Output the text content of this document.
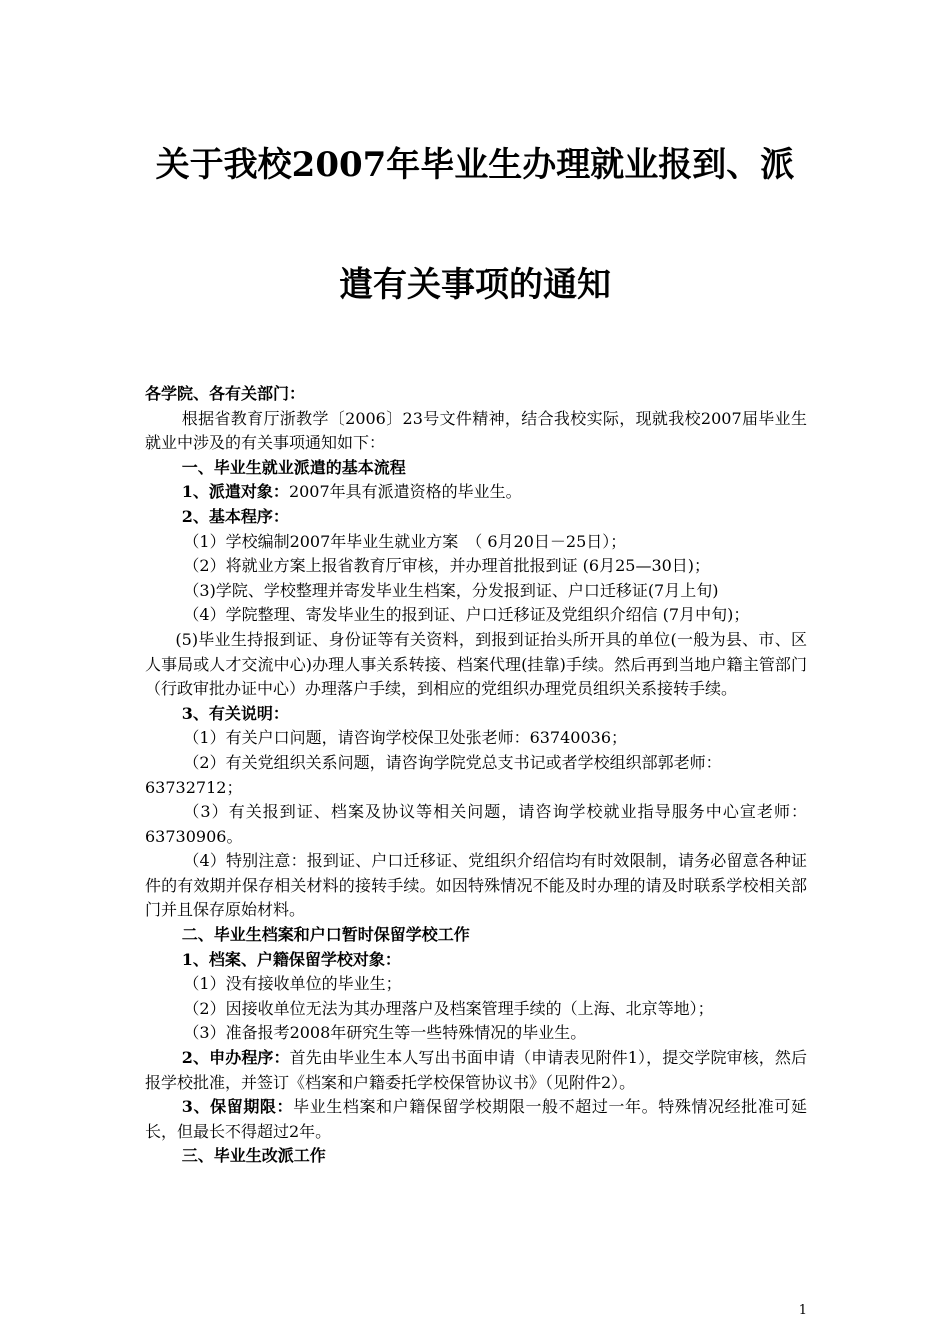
关于我校2007年毕业生办理就业报到、派
遣有关事项的通知

各学院、各有关部门：

根据省教育厅浙教学〔2006〕23号文件精神，结合我校实际，现就我校2007届毕业生就业中涉及的有关事项通知如下：

一、毕业生就业派遣的基本流程

1、派遣对象：2007年具有派遣资格的毕业生。

2、基本程序：

（1）学校编制2007年毕业生就业方案　（ 6月20日－25日）；

（2）将就业方案上报省教育厅审核，并办理首批报到证 (6月25—30日)；

（3)学院、学校整理并寄发毕业生档案，分发报到证、户口迁移证(7月上旬)

（4）学院整理、寄发毕业生的报到证、户口迁移证及党组织介绍信 (7月中旬)；

(5)毕业生持报到证、身份证等有关资料，到报到证抬头所开具的单位(一般为县、市、区人事局或人才交流中心)办理人事关系转接、档案代理(挂靠)手续。然后再到当地户籍主管部门（行政审批办证中心）办理落户手续，到相应的党组织办理党员组织关系接转手续。

3、有关说明：

（1）有关户口问题，请咨询学校保卫处张老师：63740036；

（2）有关党组织关系问题，请咨询学院党总支书记或者学校组织部郭老师：63732712；

（3）有关报到证、档案及协议等相关问题，请咨询学校就业指导服务中心宣老师：63730906。

（4）特别注意：报到证、户口迁移证、党组织介绍信均有时效限制，请务必留意各种证件的有效期并保存相关材料的接转手续。如因特殊情况不能及时办理的请及时联系学校相关部门并且保存原始材料。

二、毕业生档案和户口暂时保留学校工作

1、档案、户籍保留学校对象：

（1）没有接收单位的毕业生；

（2）因接收单位无法为其办理落户及档案管理手续的（上海、北京等地）；

（3）准备报考2008年研究生等一些特殊情况的毕业生。

2、申办程序：首先由毕业生本人写出书面申请（申请表见附件1），提交学院审核，然后报学校批准，并签订《档案和户籍委托学校保管协议书》（见附件2）。

3、保留期限：毕业生档案和户籍保留学校期限一般不超过一年。特殊情况经批准可延长，但最长不得超过2年。

三、毕业生改派工作

1
